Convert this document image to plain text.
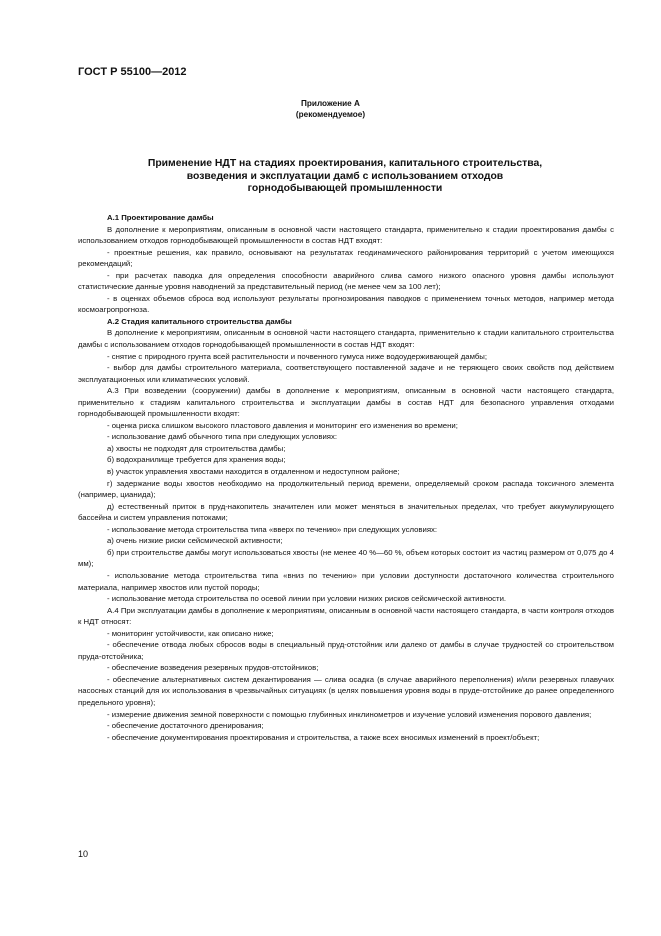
ГОСТ Р 55100—2012
Приложение А
(рекомендуемое)
Применение НДТ на стадиях проектирования, капитального строительства,
возведения и эксплуатации дамб с использованием отходов
горнодобывающей промышленности

А.1 Проектирование дамбы

В дополнение к мероприятиям, описанным в основной части настоящего стандарта, применительно к стадии проектирования дамбы с использованием отходов горнодобывающей промышленности в состав НДТ входят:

- проектные решения, как правило, основывают на результатах геодинамического районирования территорий с учетом имеющихся рекомендаций;

- при расчетах паводка для определения способности аварийного слива самого низкого опасного уровня дамбы используют статистические данные уровня наводнений за представительный период (не менее чем за 100 лет);

- в оценках объемов сброса вод используют результаты прогнозирования паводков с применением точных методов, например метода космоагропрогноза.

А.2 Стадия капитального строительства дамбы

В дополнение к мероприятиям, описанным в основной части настоящего стандарта, применительно к стадии капитального строительства дамбы с использованием отходов горнодобывающей промышленности в состав НДТ входят:

- снятие с природного грунта всей растительности и почвенного гумуса ниже водоудерживающей дамбы;

- выбор для дамбы строительного материала, соответствующего поставленной задаче и не теряющего своих свойств под действием эксплуатационных или климатических условий.

А.3 При возведении (сооружении) дамбы в дополнение к мероприятиям, описанным в основной части настоящего стандарта, применительно к стадиям капитального строительства и эксплуатации дамбы в состав НДТ для безопасного управления отходами горнодобывающей промышленности входят:

- оценка риска слишком высокого пластового давления и мониторинг его изменения во времени;

- использование дамб обычного типа при следующих условиях:

а) хвосты не подходят для строительства дамбы;

б) водохранилище требуется для хранения воды;

в) участок управления хвостами находится в отдаленном и недоступном районе;

г) задержание воды хвостов необходимо на продолжительный период времени, определяемый сроком распада токсичного элемента (например, цианида);

д) естественный приток в пруд-накопитель значителен или может меняться в значительных пределах, что требует аккумулирующего бассейна и систем управления потоками;

- использование метода строительства типа «вверх по течению» при следующих условиях:

а) очень низкие риски сейсмической активности;

б) при строительстве дамбы могут использоваться хвосты (не менее 40 %—60 %, объем которых состоит из частиц размером от 0,075 до 4 мм);

- использование метода строительства типа «вниз по течению» при условии доступности достаточного количества строительного материала, например хвостов или пустой породы;

- использование метода строительства по осевой линии при условии низких рисков сейсмической активности.

А.4 При эксплуатации дамбы в дополнение к мероприятиям, описанным в основной части настоящего стандарта, в части контроля отходов к НДТ относят:

- мониторинг устойчивости, как описано ниже;

- обеспечение отвода любых сбросов воды в специальный пруд-отстойник или далеко от дамбы в случае трудностей со строительством пруда-отстойника;

- обеспечение возведения резервных прудов-отстойников;

- обеспечение альтернативных систем декантирования — слива осадка (в случае аварийного переполнения) и/или резервных плавучих насосных станций для их использования в чрезвычайных ситуациях (в целях повышения уровня воды в пруде-отстойнике до ранее определенного предельного уровня);

- измерение движения земной поверхности с помощью глубинных инклинометров и изучение условий изменения порового давления;

- обеспечение достаточного дренирования;

- обеспечение документирования проектирования и строительства, а также всех вносимых изменений в проект/объект;

10
